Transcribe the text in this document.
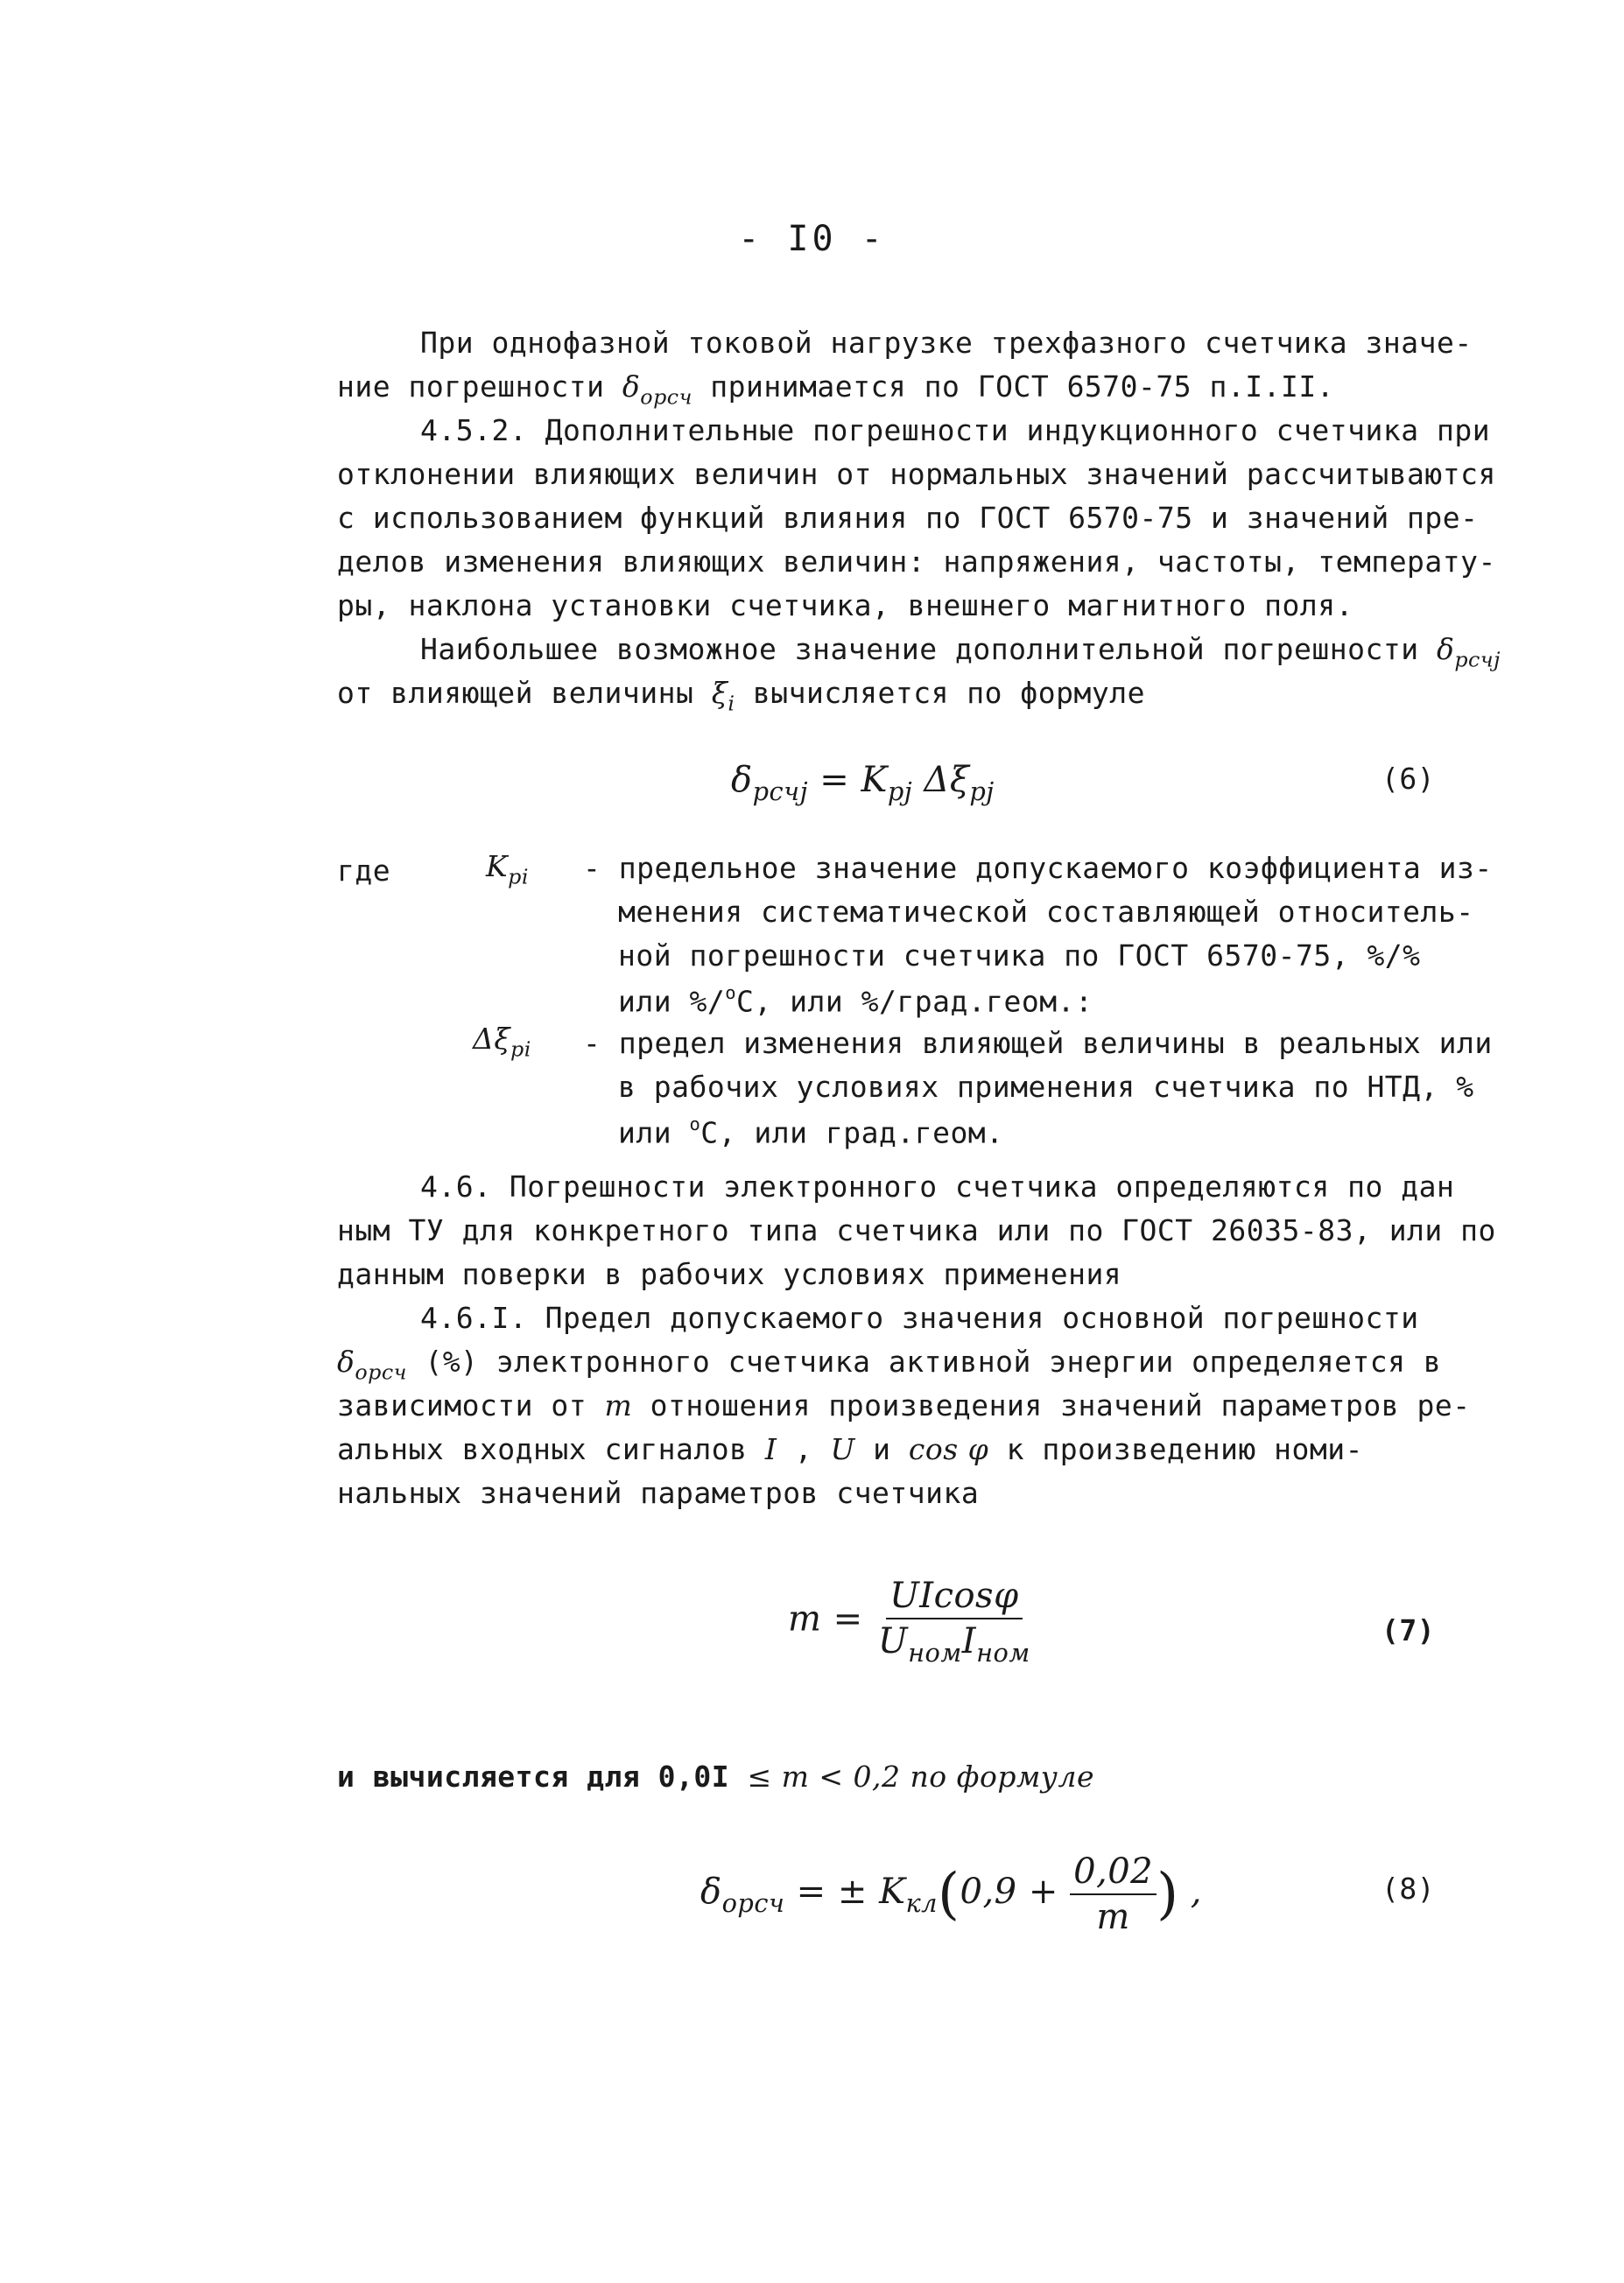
- I0 -
При однофазной токовой нагрузке трехфазного счетчика значе-
ние погрешности $\delta_{oрсч}$ принимается по ГОСТ 6570-75 п.I.II.
4.5.2. Дополнительные погрешности индукционного счетчика при
отклонении влияющих величин от нормальных значений рассчитываются
с использованием функций влияния по ГОСТ 6570-75 и значений пре-
делов изменения влияющих величин: напряжения, частоты, температу-
ры, наклона установки счетчика, внешнего магнитного поля.
Наибольшее возможное значение дополнительной погрешности $\delta_{рсчj}$
от влияющей величины $\xi_i$ вычисляется по формуле
$\delta_{рсчj} = K_{pj}$ $\Delta\xi_{pj}$	(6)
где	$K_{pi}$ - предельное значение допускаемого коэффициента из-
менения систематической составляющей относитель-
ной погрешности счетчика по ГОСТ 6570-75, %/%
или %/$^о$С, или %/град.геом.:
$\Delta\xi_{pi}$ - предел изменения влияющей величины в реальных или
в рабочих условиях применения счетчика по НТД, %
или $^о$С, или град.геом.
4.6. Погрешности электронного счетчика определяются по дан
ным ТУ для конкретного типа счетчика или по ГОСТ 26035-83, или по
данным поверки в рабочих условиях применения
4.6.I. Предел допускаемого значения основной погрешности
$\delta_{oрсч}$ (%) электронного счетчика активной энергии определяется в
зависимости от m отношения произведения значений параметров ре-
альных входных сигналов I , U и cos φ к произведению номи-
нальных значений параметров счетчика
$m = \frac{UIcos\varphi}{U_{ном}I_{ном}}$	(7)
и вычисляется для 0,0I ≤ m < 0,2 по формуле
$\delta_{oрсч}$ = ± $K_{кл}(0,9 + \frac{0,02}{m}$ ) ,	(8)
